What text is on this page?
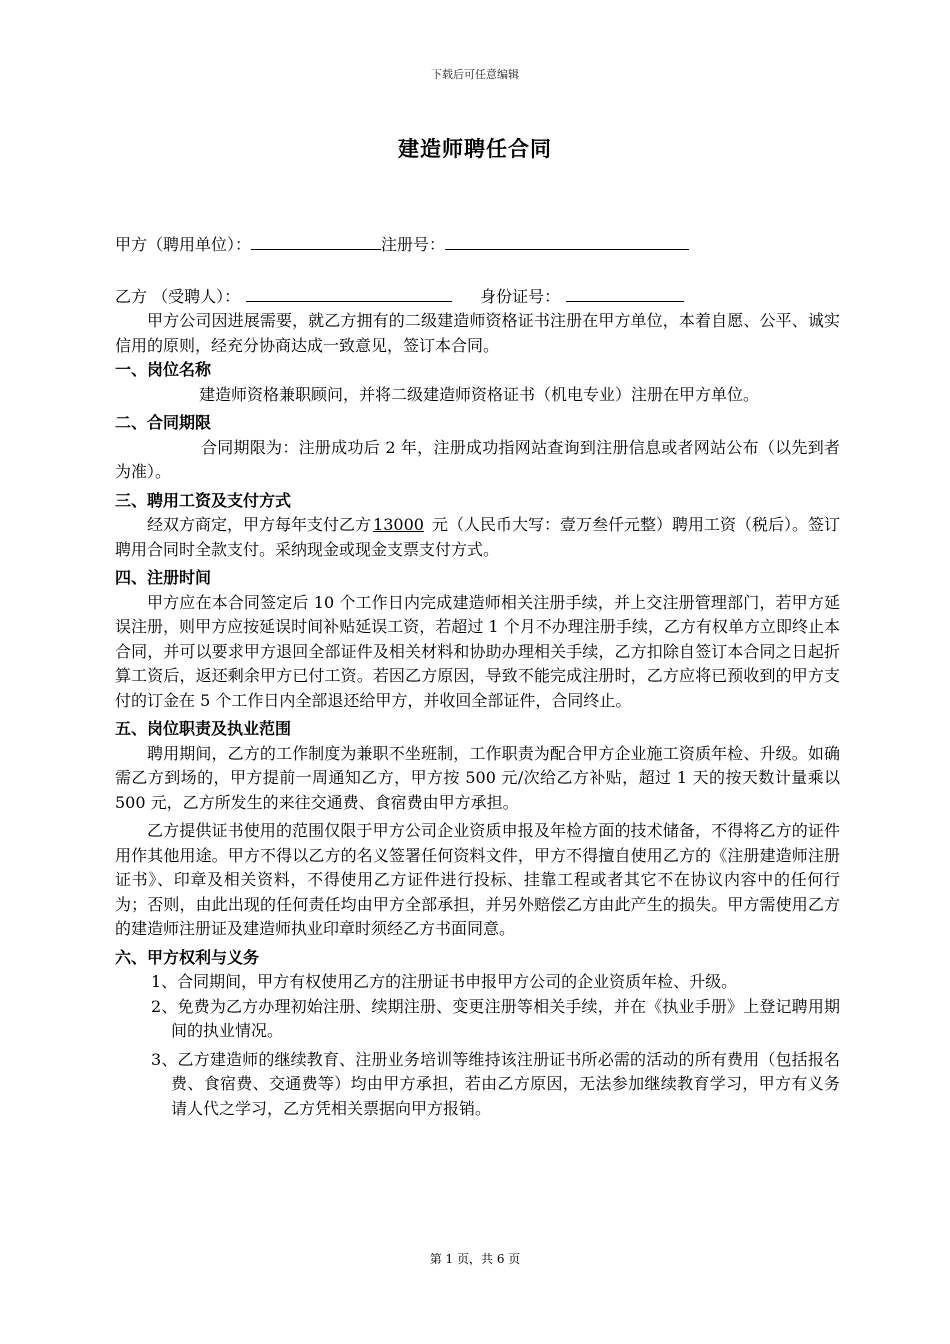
下载后可任意编辑
建造师聘任合同
甲方（聘用单位）：	注册号：
乙方 （受聘人）：	身份证号：

甲方公司因进展需要，就乙方拥有的二级建造师资格证书注册在甲方单位，本着自愿、公平、诚实信用的原则，经充分协商达成一致意见，签订本合同。

一、岗位名称

建造师资格兼职顾问，并将二级建造师资格证书（机电专业）注册在甲方单位。

二、合同期限

合同期限为：注册成功后 2 年，注册成功指网站查询到注册信息或者网站公布（以先到者为准）。

三、聘用工资及支付方式

经双方商定，甲方每年支付乙方 13000 元（人民币大写：壹万叁仟元整）聘用工资（税后）。签订聘用合同时全款支付。采纳现金或现金支票支付方式。

四、注册时间

甲方应在本合同签定后 10 个工作日内完成建造师相关注册手续，并上交注册管理部门，若甲方延误注册，则甲方应按延误时间补贴延误工资，若超过 1 个月不办理注册手续，乙方有权单方立即终止本合同，并可以要求甲方退回全部证件及相关材料和协助办理相关手续，乙方扣除自签订本合同之日起折算工资后，返还剩余甲方已付工资。若因乙方原因，导致不能完成注册时，乙方应将已预收到的甲方支付的订金在 5 个工作日内全部退还给甲方，并收回全部证件，合同终止。

五、岗位职责及执业范围

聘用期间，乙方的工作制度为兼职不坐班制，工作职责为配合甲方企业施工资质年检、升级。如确需乙方到场的，甲方提前一周通知乙方，甲方按 500 元/次给乙方补贴，超过 1 天的按天数计量乘以 500 元，乙方所发生的来往交通费、食宿费由甲方承担。

乙方提供证书使用的范围仅限于甲方公司企业资质申报及年检方面的技术储备，不得将乙方的证件用作其他用途。甲方不得以乙方的名义签署任何资料文件，甲方不得擅自使用乙方的《注册建造师注册证书》、印章及相关资料，不得使用乙方证件进行投标、挂靠工程或者其它不在协议内容中的任何行为；否则，由此出现的任何责任均由甲方全部承担，并另外赔偿乙方由此产生的损失。甲方需使用乙方的建造师注册证及建造师执业印章时须经乙方书面同意。

六、甲方权利与义务

1、合同期间，甲方有权使用乙方的注册证书申报甲方公司的企业资质年检、升级。

2、免费为乙方办理初始注册、续期注册、变更注册等相关手续，并在《执业手册》上登记聘用期间的执业情况。

3、乙方建造师的继续教育、注册业务培训等维持该注册证书所必需的活动的所有费用（包括报名费、食宿费、交通费等）均由甲方承担，若由乙方原因，无法参加继续教育学习，甲方有义务请人代之学习，乙方凭相关票据向甲方报销。

第 1 页，共 6 页
